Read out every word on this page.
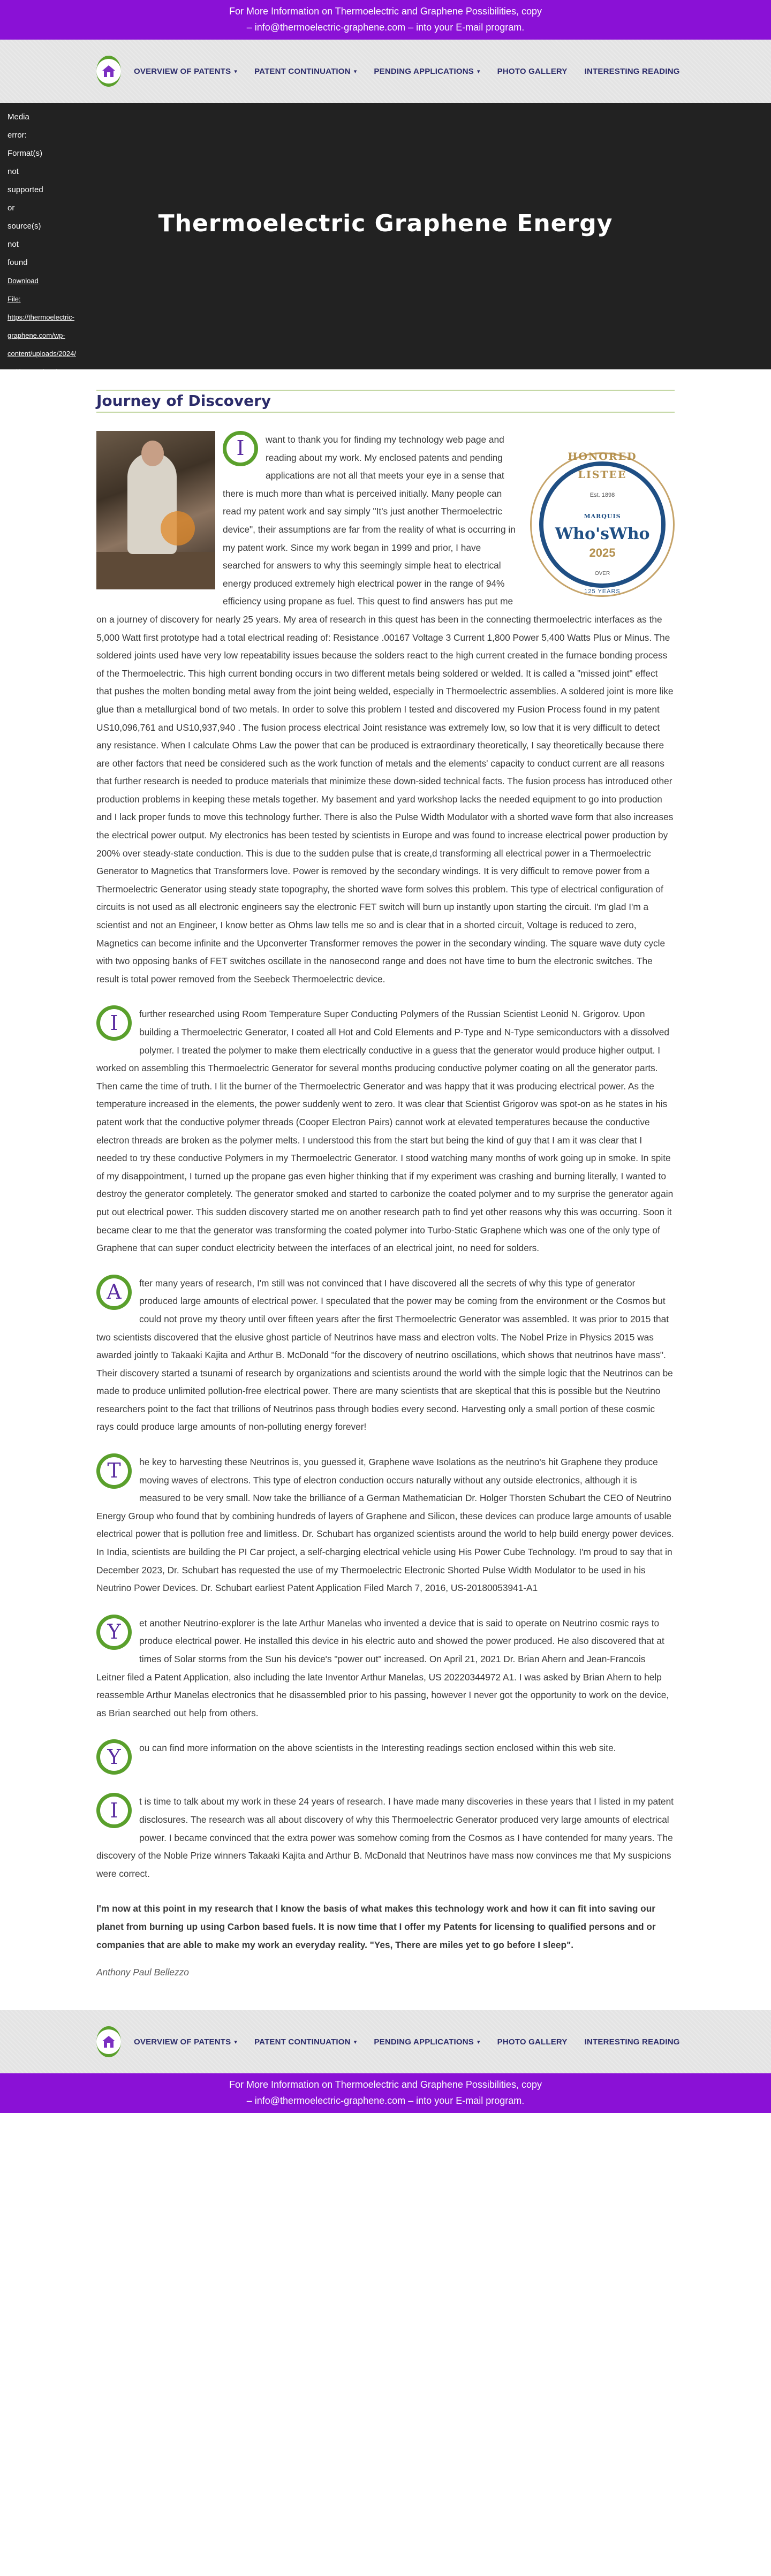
For More Information on Thermoelectric and Graphene Possibilities, copy
– info@thermoelectric-graphene.com – into your E-mail program.
OVERVIEW OF PATENTS ▾ PATENT CONTINUATION ▾ PENDING APPLICATIONS ▾ PHOTO GALLERY INTERESTING READING
Media
error:
Format(s)
not
supported
or
source(s)
not
found
Download
File:
https://thermoelectric-
graphene.com/wp-
content/uploads/2024/07/thermoelectric-
Thermoelectric Graphene Energy
Journey of Discovery
I	HONORED LISTEE
Est. 1898
MARQUIS
Who'sWho
2025
OVER
125 YEARS

want to thank you for finding my technology web page and reading about my work. My enclosed patents and pending applications are not all that meets your eye in a sense that there is much more than what is perceived initially. Many people can read my patent work and say simply "It's just another Thermoelectric device", their assumptions are far from the reality of what is occurring in my patent work. Since my work began in 1999 and prior, I have searched for answers to why this seemingly simple heat to electrical energy produced extremely high electrical power in the range of 94% efficiency using propane as fuel. This quest to find answers has put me on a journey of discovery for nearly 25 years. My area of research in this quest has been in the connecting thermoelectric interfaces as the 5,000 Watt first prototype had a total electrical reading of: Resistance .00167 Voltage 3 Current 1,800 Power 5,400 Watts Plus or Minus. The soldered joints used have very low repeatability issues because the solders react to the high current created in the furnace bonding process of the Thermoelectric. This high current bonding occurs in two different metals being soldered or welded. It is called a "missed joint" effect that pushes the molten bonding metal away from the joint being welded, especially in Thermoelectric assemblies. A soldered joint is more like glue than a metallurgical bond of two metals. In order to solve this problem I tested and discovered my Fusion Process found in my patent US10,096,761 and US10,937,940 . The fusion process electrical Joint resistance was extremely low, so low that it is very difficult to detect any resistance. When I calculate Ohms Law the power that can be produced is extraordinary theoretically, I say theoretically because there are other factors that need be considered such as the work function of metals and the elements' capacity to conduct current are all reasons that further research is needed to produce materials that minimize these down-sided technical facts. The fusion process has introduced other production problems in keeping these metals together. My basement and yard workshop lacks the needed equipment to go into production and I lack proper funds to move this technology further. There is also the Pulse Width Modulator with a shorted wave form that also increases the electrical power output. My electronics has been tested by scientists in Europe and was found to increase electrical power production by 200% over steady-state conduction. This is due to the sudden pulse that is create,d transforming all electrical power in a Thermoelectric Generator to Magnetics that Transformers love. Power is removed by the secondary windings. It is very difficult to remove power from a Thermoelectric Generator using steady state topography, the shorted wave form solves this problem. This type of electrical configuration of circuits is not used as all electronic engineers say the electronic FET switch will burn up instantly upon starting the circuit. I'm glad I'm a scientist and not an Engineer, I know better as Ohms law tells me so and is clear that in a shorted circuit, Voltage is reduced to zero, Magnetics can become infinite and the Upconverter Transformer removes the power in the secondary winding. The square wave duty cycle with two opposing banks of FET switches oscillate in the nanosecond range and does not have time to burn the electronic switches. The result is total power removed from the Seebeck Thermoelectric device.

I	further researched using Room Temperature Super Conducting Polymers of the Russian Scientist Leonid N. Grigorov. Upon building a Thermoelectric Generator, I coated all Hot and Cold Elements and P-Type and N-Type semiconductors with a dissolved polymer. I treated the polymer to make them electrically conductive in a guess that the generator would produce higher output. I worked on assembling this Thermoelectric Generator for several months producing conductive polymer coating on all the generator parts. Then came the time of truth. I lit the burner of the Thermoelectric Generator and was happy that it was producing electrical power. As the temperature increased in the elements, the power suddenly went to zero. It was clear that Scientist Grigorov was spot-on as he states in his patent work that the conductive polymer threads (Cooper Electron Pairs) cannot work at elevated temperatures because the conductive electron threads are broken as the polymer melts. I understood this from the start but being the kind of guy that I am it was clear that I needed to try these conductive Polymers in my Thermoelectric Generator. I stood watching many months of work going up in smoke. In spite of my disappointment, I turned up the propane gas even higher thinking that if my experiment was crashing and burning literally, I wanted to destroy the generator completely. The generator smoked and started to carbonize the coated polymer and to my surprise the generator again put out electrical power. This sudden discovery started me on another research path to find yet other reasons why this was occurring. Soon it became clear to me that the generator was transforming the coated polymer into Turbo-Static Graphene which was one of the only type of Graphene that can super conduct electricity between the interfaces of an electrical joint, no need for solders.

A	fter many years of research, I'm still was not convinced that I have discovered all the secrets of why this type of generator produced large amounts of electrical power. I speculated that the power may be coming from the environment or the Cosmos but could not prove my theory until over fifteen years after the first Thermoelectric Generator was assembled. It was prior to 2015 that two scientists discovered that the elusive ghost particle of Neutrinos have mass and electron volts. The Nobel Prize in Physics 2015 was awarded jointly to Takaaki Kajita and Arthur B. McDonald "for the discovery of neutrino oscillations, which shows that neutrinos have mass". Their discovery started a tsunami of research by organizations and scientists around the world with the simple logic that the Neutrinos can be made to produce unlimited pollution-free electrical power. There are many scientists that are skeptical that this is possible but the Neutrino researchers point to the fact that trillions of Neutrinos pass through bodies every second. Harvesting only a small portion of these cosmic rays could produce large amounts of non-polluting energy forever!

T	he key to harvesting these Neutrinos is, you guessed it, Graphene wave Isolations as the neutrino's hit Graphene they produce moving waves of electrons. This type of electron conduction occurs naturally without any outside electronics, although it is measured to be very small. Now take the brilliance of a German Mathematician Dr. Holger Thorsten Schubart the CEO of Neutrino Energy Group who found that by combining hundreds of layers of Graphene and Silicon, these devices can produce large amounts of usable electrical power that is pollution free and limitless. Dr. Schubart has organized scientists around the world to help build energy power devices. In India, scientists are building the PI Car project, a self-charging electrical vehicle using His Power Cube Technology. I'm proud to say that in December 2023, Dr. Schubart has requested the use of my Thermoelectric Electronic Shorted Pulse Width Modulator to be used in his Neutrino Power Devices. Dr. Schubart earliest Patent Application Filed March 7, 2016, US-20180053941-A1

Y	et another Neutrino-explorer is the late Arthur Manelas who invented a device that is said to operate on Neutrino cosmic rays to produce electrical power. He installed this device in his electric auto and showed the power produced. He also discovered that at times of Solar storms from the Sun his device's "power out" increased. On April 21, 2021 Dr. Brian Ahern and Jean-Francois Leitner filed a Patent Application, also including the late Inventor Arthur Manelas, US 20220344972 A1. I was asked by Brian Ahern to help reassemble Arthur Manelas electronics that he disassembled prior to his passing, however I never got the opportunity to work on the device, as Brian searched out help from others.

Y	ou can find more information on the above scientists in the Interesting readings section enclosed within this web site.

I	t is time to talk about my work in these 24 years of research. I have made many discoveries in these years that I listed in my patent disclosures. The research was all about discovery of why this Thermoelectric Generator produced very large amounts of electrical power. I became convinced that the extra power was somehow coming from the Cosmos as I have contended for many years. The discovery of the Noble Prize winners Takaaki Kajita and Arthur B. McDonald that Neutrinos have mass now convinces me that My suspicions were correct.

I'm now at this point in my research that I know the basis of what makes this technology work and how it can fit into saving our planet from burning up using Carbon based fuels. It is now time that I offer my Patents for licensing to qualified persons and or companies that are able to make my work an everyday reality. "Yes, There are miles yet to go before I sleep".

Anthony Paul Bellezzo

OVERVIEW OF PATENTS ▾ PATENT CONTINUATION ▾ PENDING APPLICATIONS ▾ PHOTO GALLERY INTERESTING READING
For More Information on Thermoelectric and Graphene Possibilities, copy
– info@thermoelectric-graphene.com – into your E-mail program.
